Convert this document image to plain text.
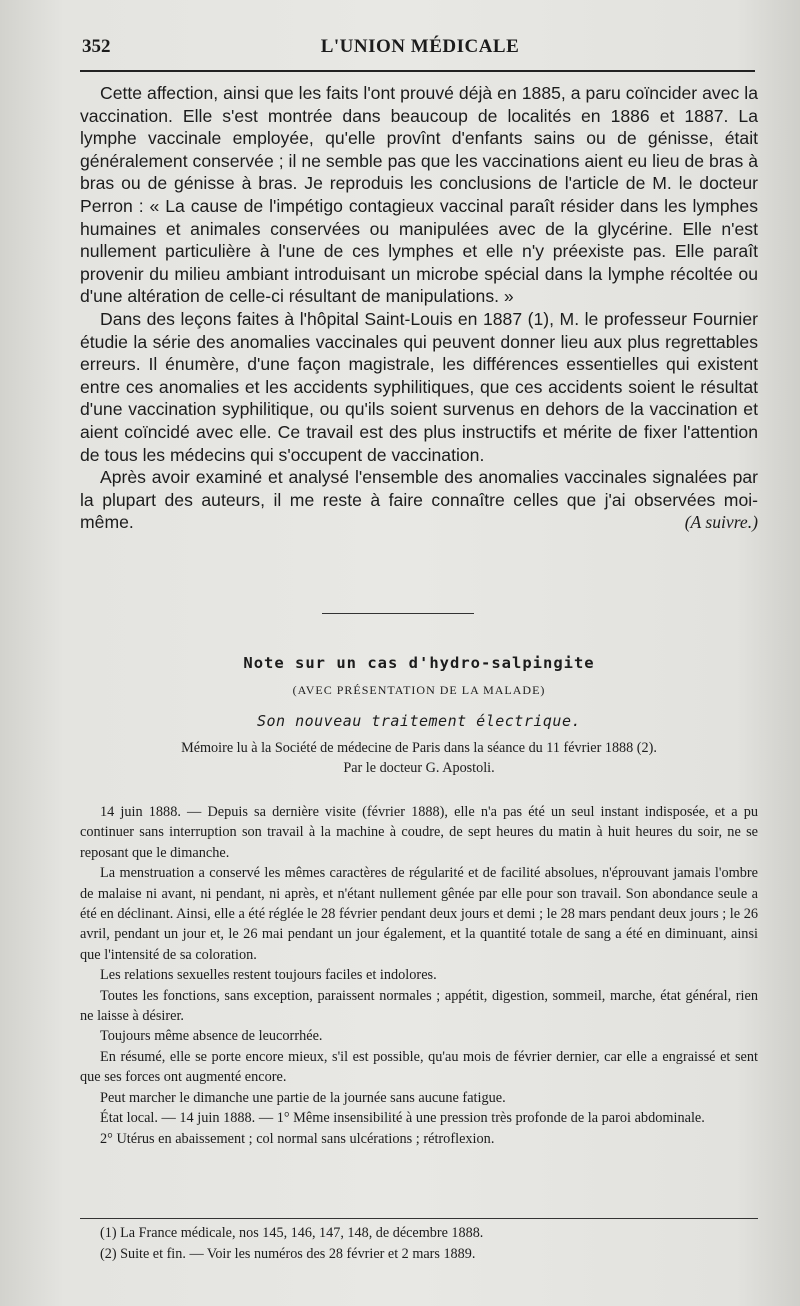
352	L'UNION MÉDICALE

Cette affection, ainsi que les faits l'ont prouvé déjà en 1885, a paru coïncider avec la vaccination. Elle s'est montrée dans beaucoup de localités en 1886 et 1887. La lymphe vaccinale employée, qu'elle provînt d'enfants sains ou de génisse, était généralement conservée ; il ne semble pas que les vaccinations aient eu lieu de bras à bras ou de génisse à bras. Je reproduis les conclusions de l'article de M. le docteur Perron : « La cause de l'impétigo contagieux vaccinal paraît résider dans les lymphes humaines et animales conservées ou manipulées avec de la glycérine. Elle n'est nullement particulière à l'une de ces lymphes et elle n'y préexiste pas. Elle paraît provenir du milieu ambiant introduisant un microbe spécial dans la lymphe récoltée ou d'une altération de celle-ci résultant de manipulations. »

Dans des leçons faites à l'hôpital Saint-Louis en 1887 (1), M. le professeur Fournier étudie la série des anomalies vaccinales qui peuvent donner lieu aux plus regrettables erreurs. Il énumère, d'une façon magistrale, les différences essentielles qui existent entre ces anomalies et les accidents syphilitiques, que ces accidents soient le résultat d'une vaccination syphilitique, ou qu'ils soient survenus en dehors de la vaccination et aient coïncidé avec elle. Ce travail est des plus instructifs et mérite de fixer l'attention de tous les médecins qui s'occupent de vaccination.

Après avoir examiné et analysé l'ensemble des anomalies vaccinales signalées par la plupart des auteurs, il me reste à faire connaître celles que j'ai observées moi-même.	(A suivre.)
Note sur un cas d'hydro-salpingite
(AVEC PRÉSENTATION DE LA MALADE)
Son nouveau traitement électrique.
Mémoire lu à la Société de médecine de Paris dans la séance du 11 février 1888 (2).
Par le docteur G. Apostoli.

14 juin 1888. — Depuis sa dernière visite (février 1888), elle n'a pas été un seul instant indisposée, et a pu continuer sans interruption son travail à la machine à coudre, de sept heures du matin à huit heures du soir, ne se reposant que le dimanche.

La menstruation a conservé les mêmes caractères de régularité et de facilité absolues, n'éprouvant jamais l'ombre de malaise ni avant, ni pendant, ni après, et n'étant nullement gênée par elle pour son travail. Son abondance seule a été en déclinant. Ainsi, elle a été réglée le 28 février pendant deux jours et demi ; le 28 mars pendant deux jours ; le 26 avril, pendant un jour et, le 26 mai pendant un jour également, et la quantité totale de sang a été en diminuant, ainsi que l'intensité de sa coloration.

Les relations sexuelles restent toujours faciles et indolores.

Toutes les fonctions, sans exception, paraissent normales ; appétit, digestion, sommeil, marche, état général, rien ne laisse à désirer.

Toujours même absence de leucorrhée.

En résumé, elle se porte encore mieux, s'il est possible, qu'au mois de février dernier, car elle a engraissé et sent que ses forces ont augmenté encore.

Peut marcher le dimanche une partie de la journée sans aucune fatigue.

État local. — 14 juin 1888. — 1° Même insensibilité à une pression très profonde de la paroi abdominale.

2° Utérus en abaissement ; col normal sans ulcérations ; rétroflexion.

(1) La France médicale, nos 145, 146, 147, 148, de décembre 1888.
(2) Suite et fin. — Voir les numéros des 28 février et 2 mars 1889.
